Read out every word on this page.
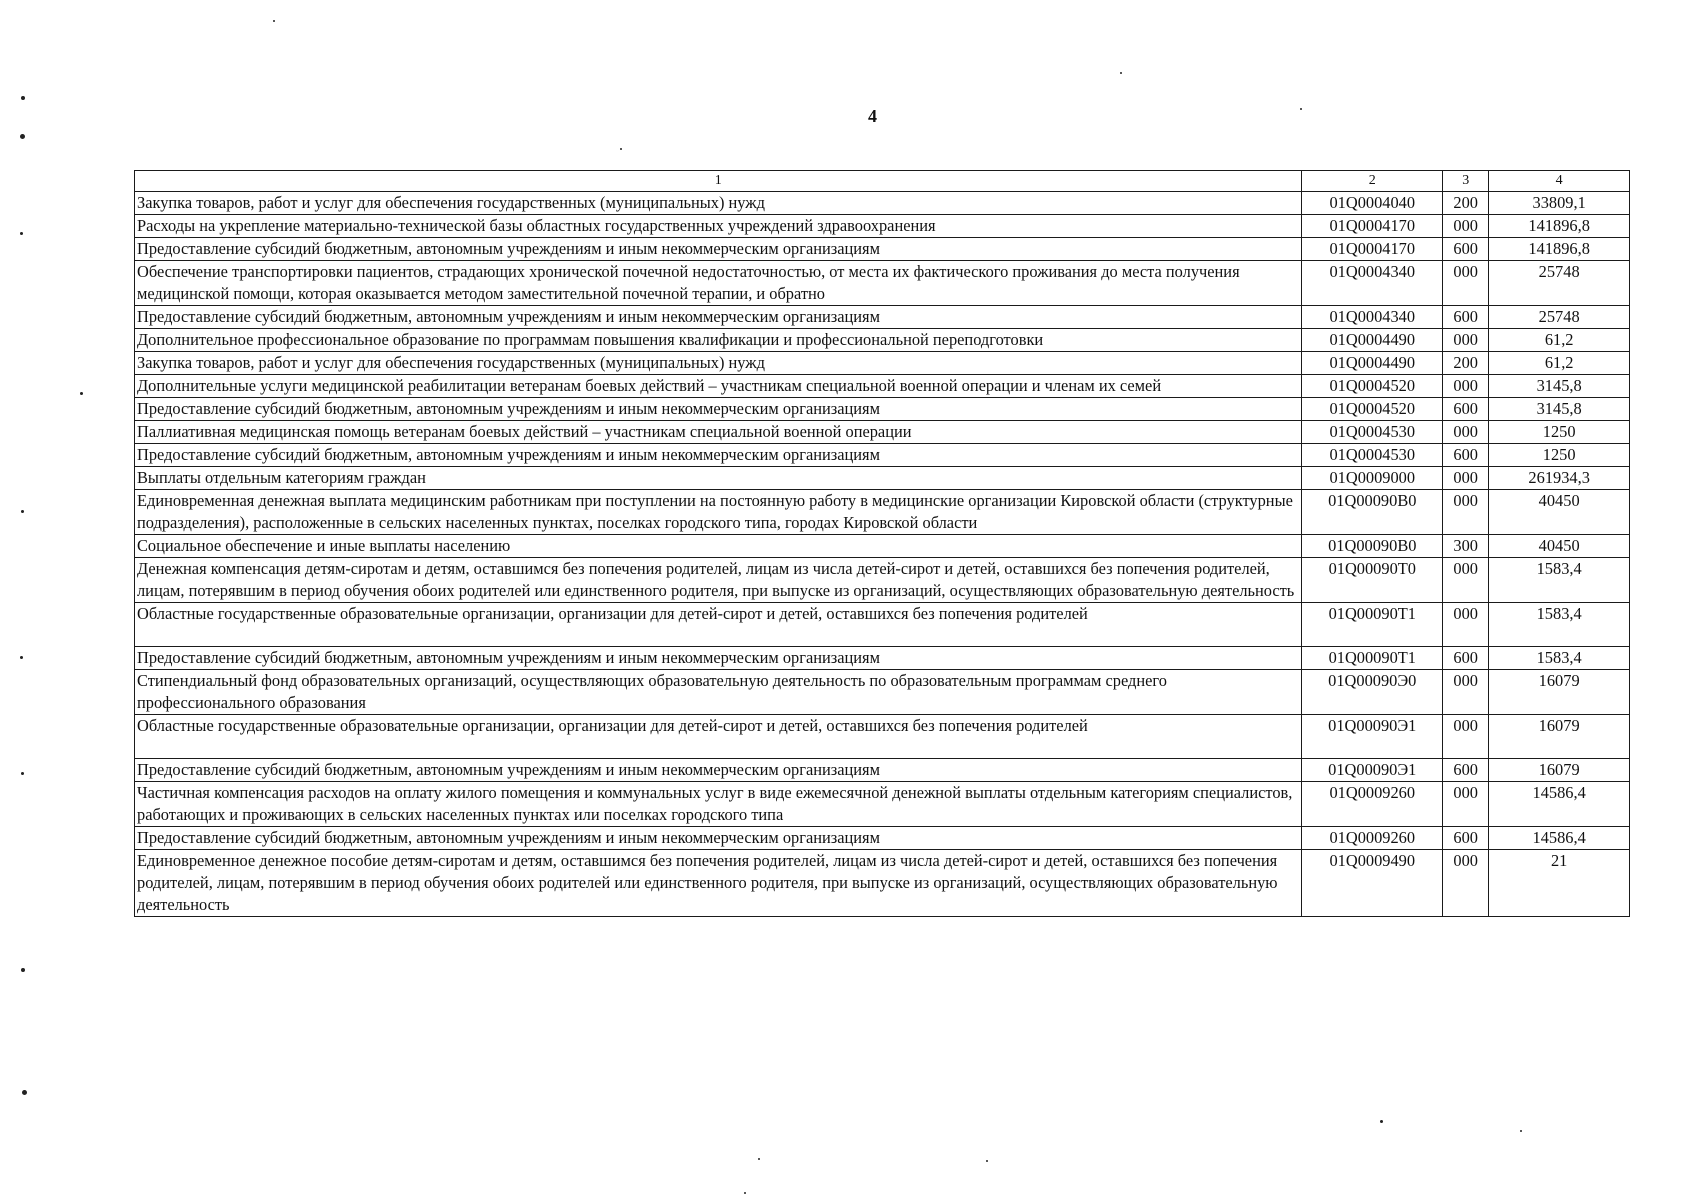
4
1	2	3	4
Закупка товаров, работ и услуг для обеспечения государственных (муниципальных) нужд	01Q0004040	200	33809,1
Расходы на укрепление материально-технической базы областных государственных учреждений здравоохранения	01Q0004170	000	141896,8
Предоставление субсидий бюджетным, автономным учреждениям и иным некоммерческим организациям	01Q0004170	600	141896,8
Обеспечение транспортировки пациентов, страдающих хронической почечной недостаточностью, от места их фактического проживания до места получения медицинской помощи, которая оказывается методом заместительной почечной терапии, и обратно	01Q0004340	000	25748
Предоставление субсидий бюджетным, автономным учреждениям и иным некоммерческим организациям	01Q0004340	600	25748
Дополнительное профессиональное образование по программам повышения квалификации и профессиональной переподготовки	01Q0004490	000	61,2
Закупка товаров, работ и услуг для обеспечения государственных (муниципальных) нужд	01Q0004490	200	61,2
Дополнительные услуги медицинской реабилитации ветеранам боевых действий – участникам специальной военной операции и членам их семей	01Q0004520	000	3145,8
Предоставление субсидий бюджетным, автономным учреждениям и иным некоммерческим организациям	01Q0004520	600	3145,8
Паллиативная медицинская помощь ветеранам боевых действий – участникам специальной военной операции	01Q0004530	000	1250
Предоставление субсидий бюджетным, автономным учреждениям и иным некоммерческим организациям	01Q0004530	600	1250
Выплаты отдельным категориям граждан	01Q0009000	000	261934,3
Единовременная денежная выплата медицинским работникам при поступлении на постоянную работу в медицинские организации Кировской области (структурные подразделения), расположенные в сельских населенных пунктах, поселках городского типа, городах Кировской области	01Q00090В0	000	40450
Социальное обеспечение и иные выплаты населению	01Q00090В0	300	40450
Денежная компенсация детям-сиротам и детям, оставшимся без попечения родителей, лицам из числа детей-сирот и детей, оставшихся без попечения родителей, лицам, потерявшим в период обучения обоих родителей или единственного родителя, при выпуске из организаций, осуществляющих образовательную деятельность	01Q00090Т0	000	1583,4
Областные государственные образовательные организации, организации для детей-сирот и детей, оставшихся без попечения родителей	01Q00090Т1	000	1583,4
Предоставление субсидий бюджетным, автономным учреждениям и иным некоммерческим организациям	01Q00090Т1	600	1583,4
Стипендиальный фонд образовательных организаций, осуществляющих образовательную деятельность по образовательным программам среднего профессионального образования	01Q00090Э0	000	16079
Областные государственные образовательные организации, организации для детей-сирот и детей, оставшихся без попечения родителей	01Q00090Э1	000	16079
Предоставление субсидий бюджетным, автономным учреждениям и иным некоммерческим организациям	01Q00090Э1	600	16079
Частичная компенсация расходов на оплату жилого помещения и коммунальных услуг в виде ежемесячной денежной выплаты отдельным категориям специалистов, работающих и проживающих в сельских населенных пунктах или поселках городского типа	01Q0009260	000	14586,4
Предоставление субсидий бюджетным, автономным учреждениям и иным некоммерческим организациям	01Q0009260	600	14586,4
Единовременное денежное пособие детям-сиротам и детям, оставшимся без попечения родителей, лицам из числа детей-сирот и детей, оставшихся без попечения родителей, лицам, потерявшим в период обучения обоих родителей или единственного родителя, при выпуске из организаций, осуществляющих образовательную деятельность	01Q0009490	000	21
